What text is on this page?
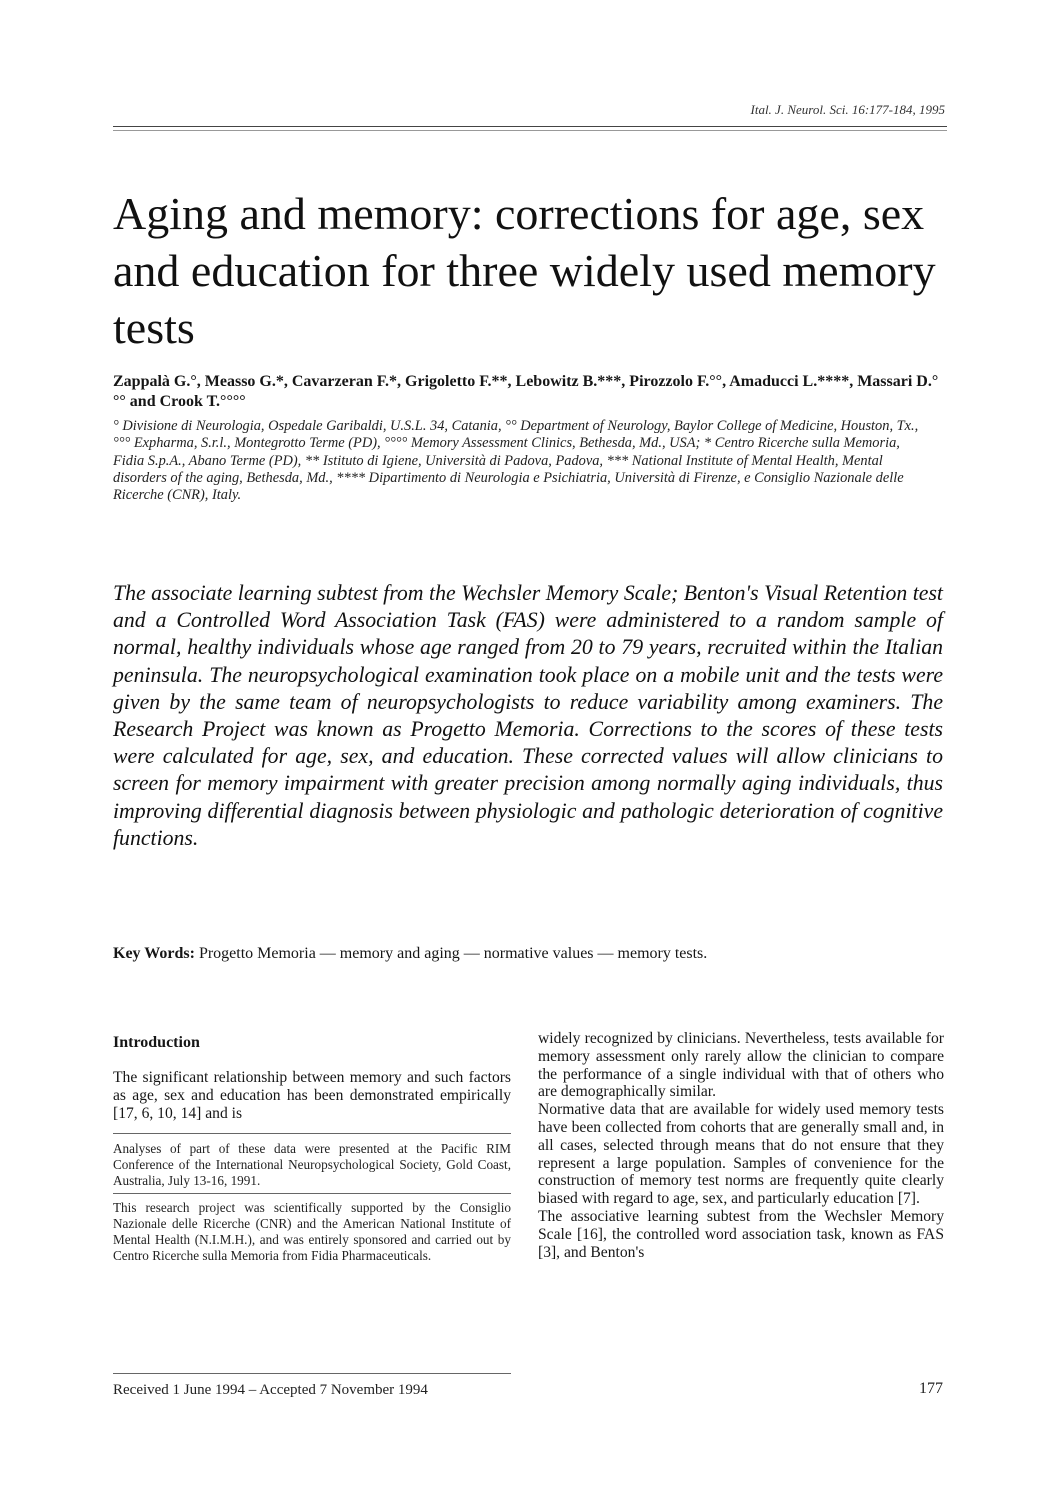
Ital. J. Neurol. Sci. 16:177-184, 1995
Aging and memory: corrections for age, sex and education for three widely used memory tests
Zappalà G.°, Measso G.*, Cavarzeran F.*, Grigoletto F.**, Lebowitz B.***, Pirozzolo F.°°, Amaducci L.****, Massari D.°°° and Crook T.°°°°
° Divisione di Neurologia, Ospedale Garibaldi, U.S.L. 34, Catania, °° Department of Neurology, Baylor College of Medicine, Houston, Tx., °°° Expharma, S.r.l., Montegrotto Terme (PD), °°°° Memory Assessment Clinics, Bethesda, Md., USA; * Centro Ricerche sulla Memoria, Fidia S.p.A., Abano Terme (PD), ** Istituto di Igiene, Università di Padova, Padova, *** National Institute of Mental Health, Mental disorders of the aging, Bethesda, Md., **** Dipartimento di Neurologia e Psichiatria, Università di Firenze, e Consiglio Nazionale delle Ricerche (CNR), Italy.
The associate learning subtest from the Wechsler Memory Scale; Benton's Visual Retention test and a Controlled Word Association Task (FAS) were administered to a random sample of normal, healthy individuals whose age ranged from 20 to 79 years, recruited within the Italian peninsula. The neuropsychological examination took place on a mobile unit and the tests were given by the same team of neuropsychologists to reduce variability among examiners. The Research Project was known as Progetto Memoria. Corrections to the scores of these tests were calculated for age, sex, and education. These corrected values will allow clinicians to screen for memory impairment with greater precision among normally aging individuals, thus improving differential diagnosis between physiologic and pathologic deterioration of cognitive functions.
Key Words: Progetto Memoria — memory and aging — normative values — memory tests.
Introduction

The significant relationship between memory and such factors as age, sex and education has been demonstrated empirically [17, 6, 10, 14] and is

Analyses of part of these data were presented at the Pacific RIM Conference of the International Neuropsychological Society, Gold Coast, Australia, July 13-16, 1991.

This research project was scientifically supported by the Consiglio Nazionale delle Ricerche (CNR) and the American National Institute of Mental Health (N.I.M.H.), and was entirely sponsored and carried out by Centro Ricerche sulla Memoria from Fidia Pharmaceuticals.

widely recognized by clinicians. Nevertheless, tests available for memory assessment only rarely allow the clinician to compare the performance of a single individual with that of others who are demographically similar.

Normative data that are available for widely used memory tests have been collected from cohorts that are generally small and, in all cases, selected through means that do not ensure that they represent a large population. Samples of convenience for the construction of memory test norms are frequently quite clearly biased with regard to age, sex, and particularly education [7].

The associative learning subtest from the Wechsler Memory Scale [16], the controlled word association task, known as FAS [3], and Benton's

Received 1 June 1994 – Accepted 7 November 1994	177
